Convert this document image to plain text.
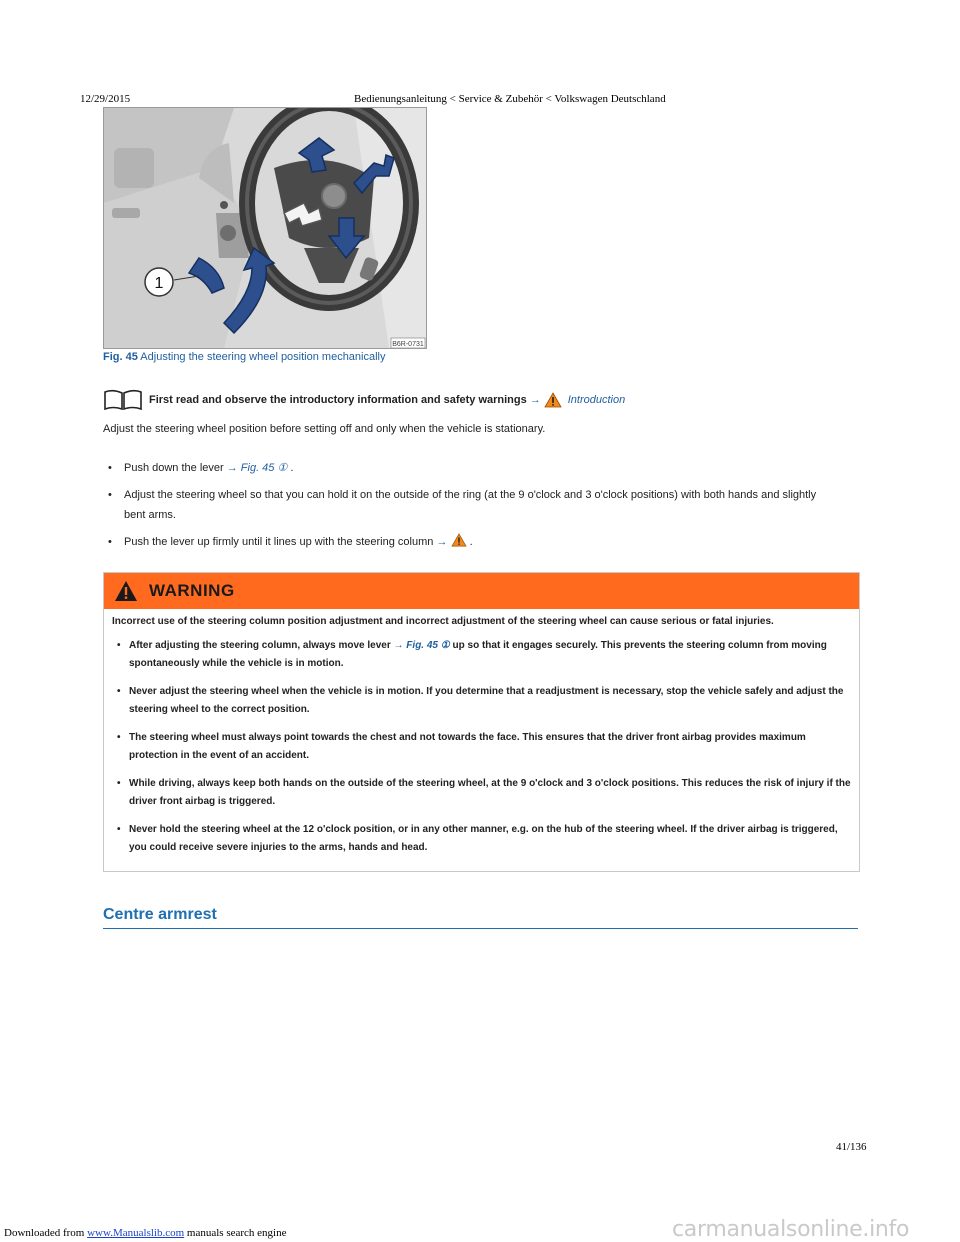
12/29/2015	Bedienungsanleitung < Service & Zubehör < Volkswagen Deutschland
1
B6R-0731
Fig. 45 Adjusting the steering wheel position mechanically
First read and observe the introductory information and safety warnings → Introduction
Adjust the steering wheel position before setting off and only when the vehicle is stationary.
• Push down the lever → Fig. 45 ① .
• Adjust the steering wheel so that you can hold it on the outside of the ring (at the 9 o'clock and 3 o'clock positions) with both hands and slightly bent arms.
• Push the lever up firmly until it lines up with the steering column → .
WARNING

Incorrect use of the steering column position adjustment and incorrect adjustment of the steering wheel can cause serious or fatal injuries.

• After adjusting the steering column, always move lever → Fig. 45 ① up so that it engages securely. This prevents the steering column from moving spontaneously while the vehicle is in motion.
• Never adjust the steering wheel when the vehicle is in motion. If you determine that a readjustment is necessary, stop the vehicle safely and adjust the steering wheel to the correct position.
• The steering wheel must always point towards the chest and not towards the face. This ensures that the driver front airbag provides maximum protection in the event of an accident.
• While driving, always keep both hands on the outside of the steering wheel, at the 9 o'clock and 3 o'clock positions. This reduces the risk of injury if the driver front airbag is triggered.
• Never hold the steering wheel at the 12 o'clock position, or in any other manner, e.g. on the hub of the steering wheel. If the driver airbag is triggered, you could receive severe injuries to the arms, hands and head.
Centre armrest
41/136
Downloaded from www.Manualslib.com manuals search engine	carmanualsonline.info
